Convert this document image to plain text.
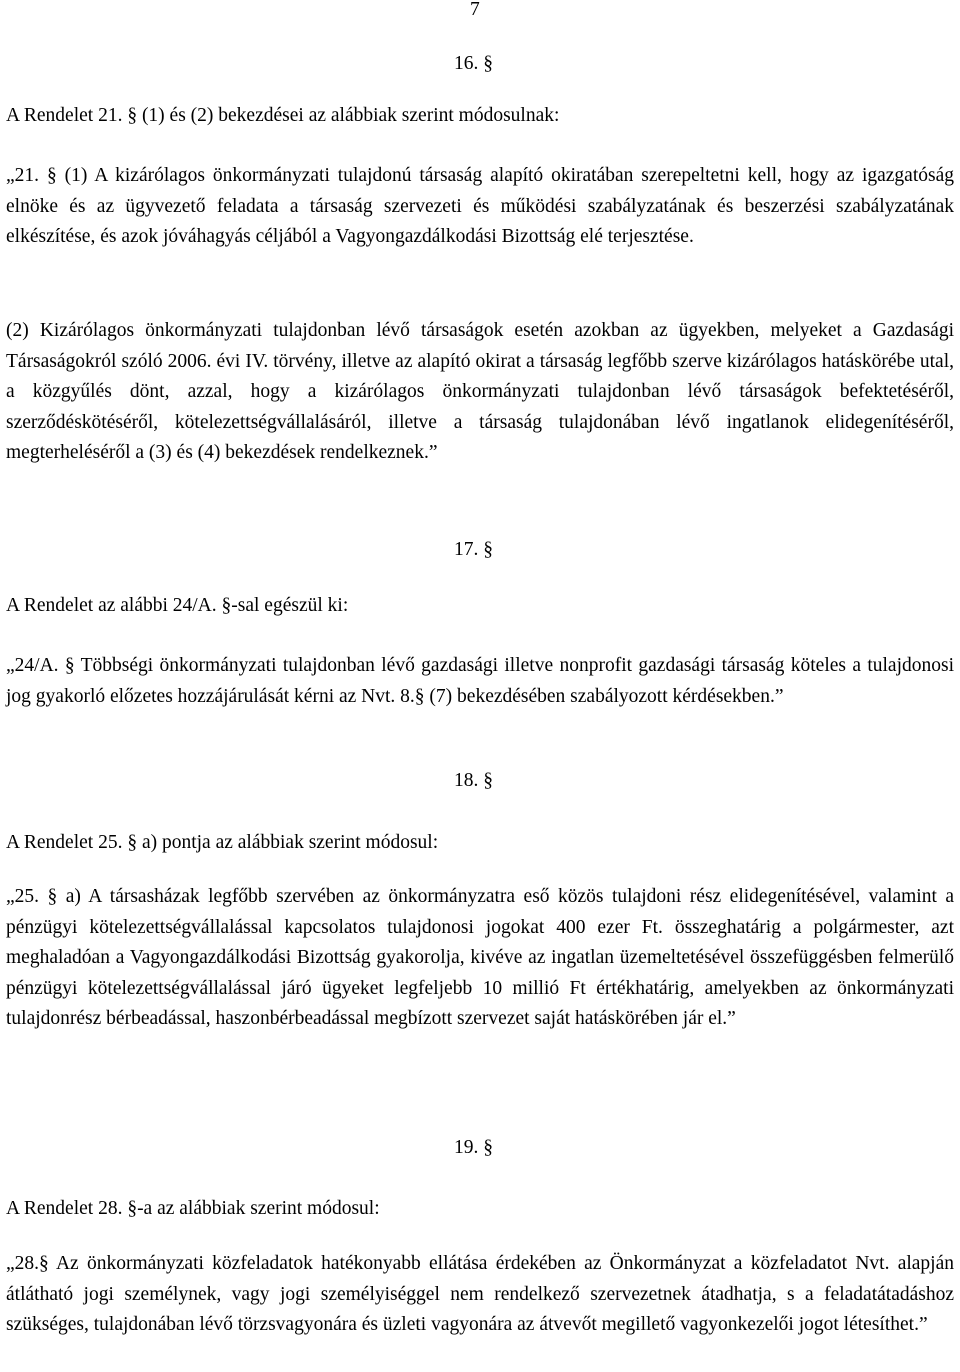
7
16. §
A Rendelet 21. § (1) és (2) bekezdései az alábbiak szerint módosulnak:
„21. § (1) A kizárólagos önkormányzati tulajdonú társaság alapító okiratában szerepeltetni kell, hogy az igazgatóság elnöke és az ügyvezető feladata a társaság szervezeti és működési szabályzatának és beszerzési szabályzatának elkészítése, és azok jóváhagyás céljából a Vagyongazdálkodási Bizottság elé terjesztése.
(2) Kizárólagos önkormányzati tulajdonban lévő társaságok esetén azokban az ügyekben, melyeket a Gazdasági Társaságokról szóló 2006. évi IV. törvény, illetve az alapító okirat a társaság legfőbb szerve kizárólagos hatáskörébe utal, a közgyűlés dönt, azzal, hogy a kizárólagos önkormányzati tulajdonban lévő társaságok befektetéséről, szerződéskötéséről, kötelezettségvállalásáról, illetve a társaság tulajdonában lévő ingatlanok elidegenítéséről, megterheléséről a (3) és (4) bekezdések rendelkeznek.”
17. §
A Rendelet az alábbi 24/A. §-sal egészül ki:
„24/A. § Többségi önkormányzati tulajdonban lévő gazdasági illetve nonprofit gazdasági társaság köteles a tulajdonosi jog gyakorló előzetes hozzájárulását kérni az Nvt. 8.§ (7) bekezdésében szabályozott kérdésekben.”
18. §
A Rendelet 25. § a) pontja az alábbiak szerint módosul:
„25. § a) A társasházak legfőbb szervében az önkormányzatra eső közös tulajdoni rész elidegenítésével, valamint a pénzügyi kötelezettségvállalással kapcsolatos tulajdonosi jogokat 400 ezer Ft. összeghatárig a polgármester, azt meghaladóan a Vagyongazdálkodási Bizottság gyakorolja, kivéve az ingatlan üzemeltetésével összefüggésben felmerülő pénzügyi kötelezettségvállalással járó ügyeket legfeljebb 10 millió Ft értékhatárig, amelyekben az önkormányzati tulajdonrész bérbeadással, haszonbérbeadással megbízott szervezet saját hatáskörében jár el.”
19. §
A Rendelet 28. §-a az alábbiak szerint módosul:
„28.§ Az önkormányzati közfeladatok hatékonyabb ellátása érdekében az Önkormányzat a közfeladatot Nvt. alapján átlátható jogi személynek, vagy jogi személyiséggel nem rendelkező szervezetnek átadhatja, s a feladatátadáshoz szükséges, tulajdonában lévő törzsvagyonára és üzleti vagyonára az átvevőt megillető vagyonkezelői jogot létesíthet.”
